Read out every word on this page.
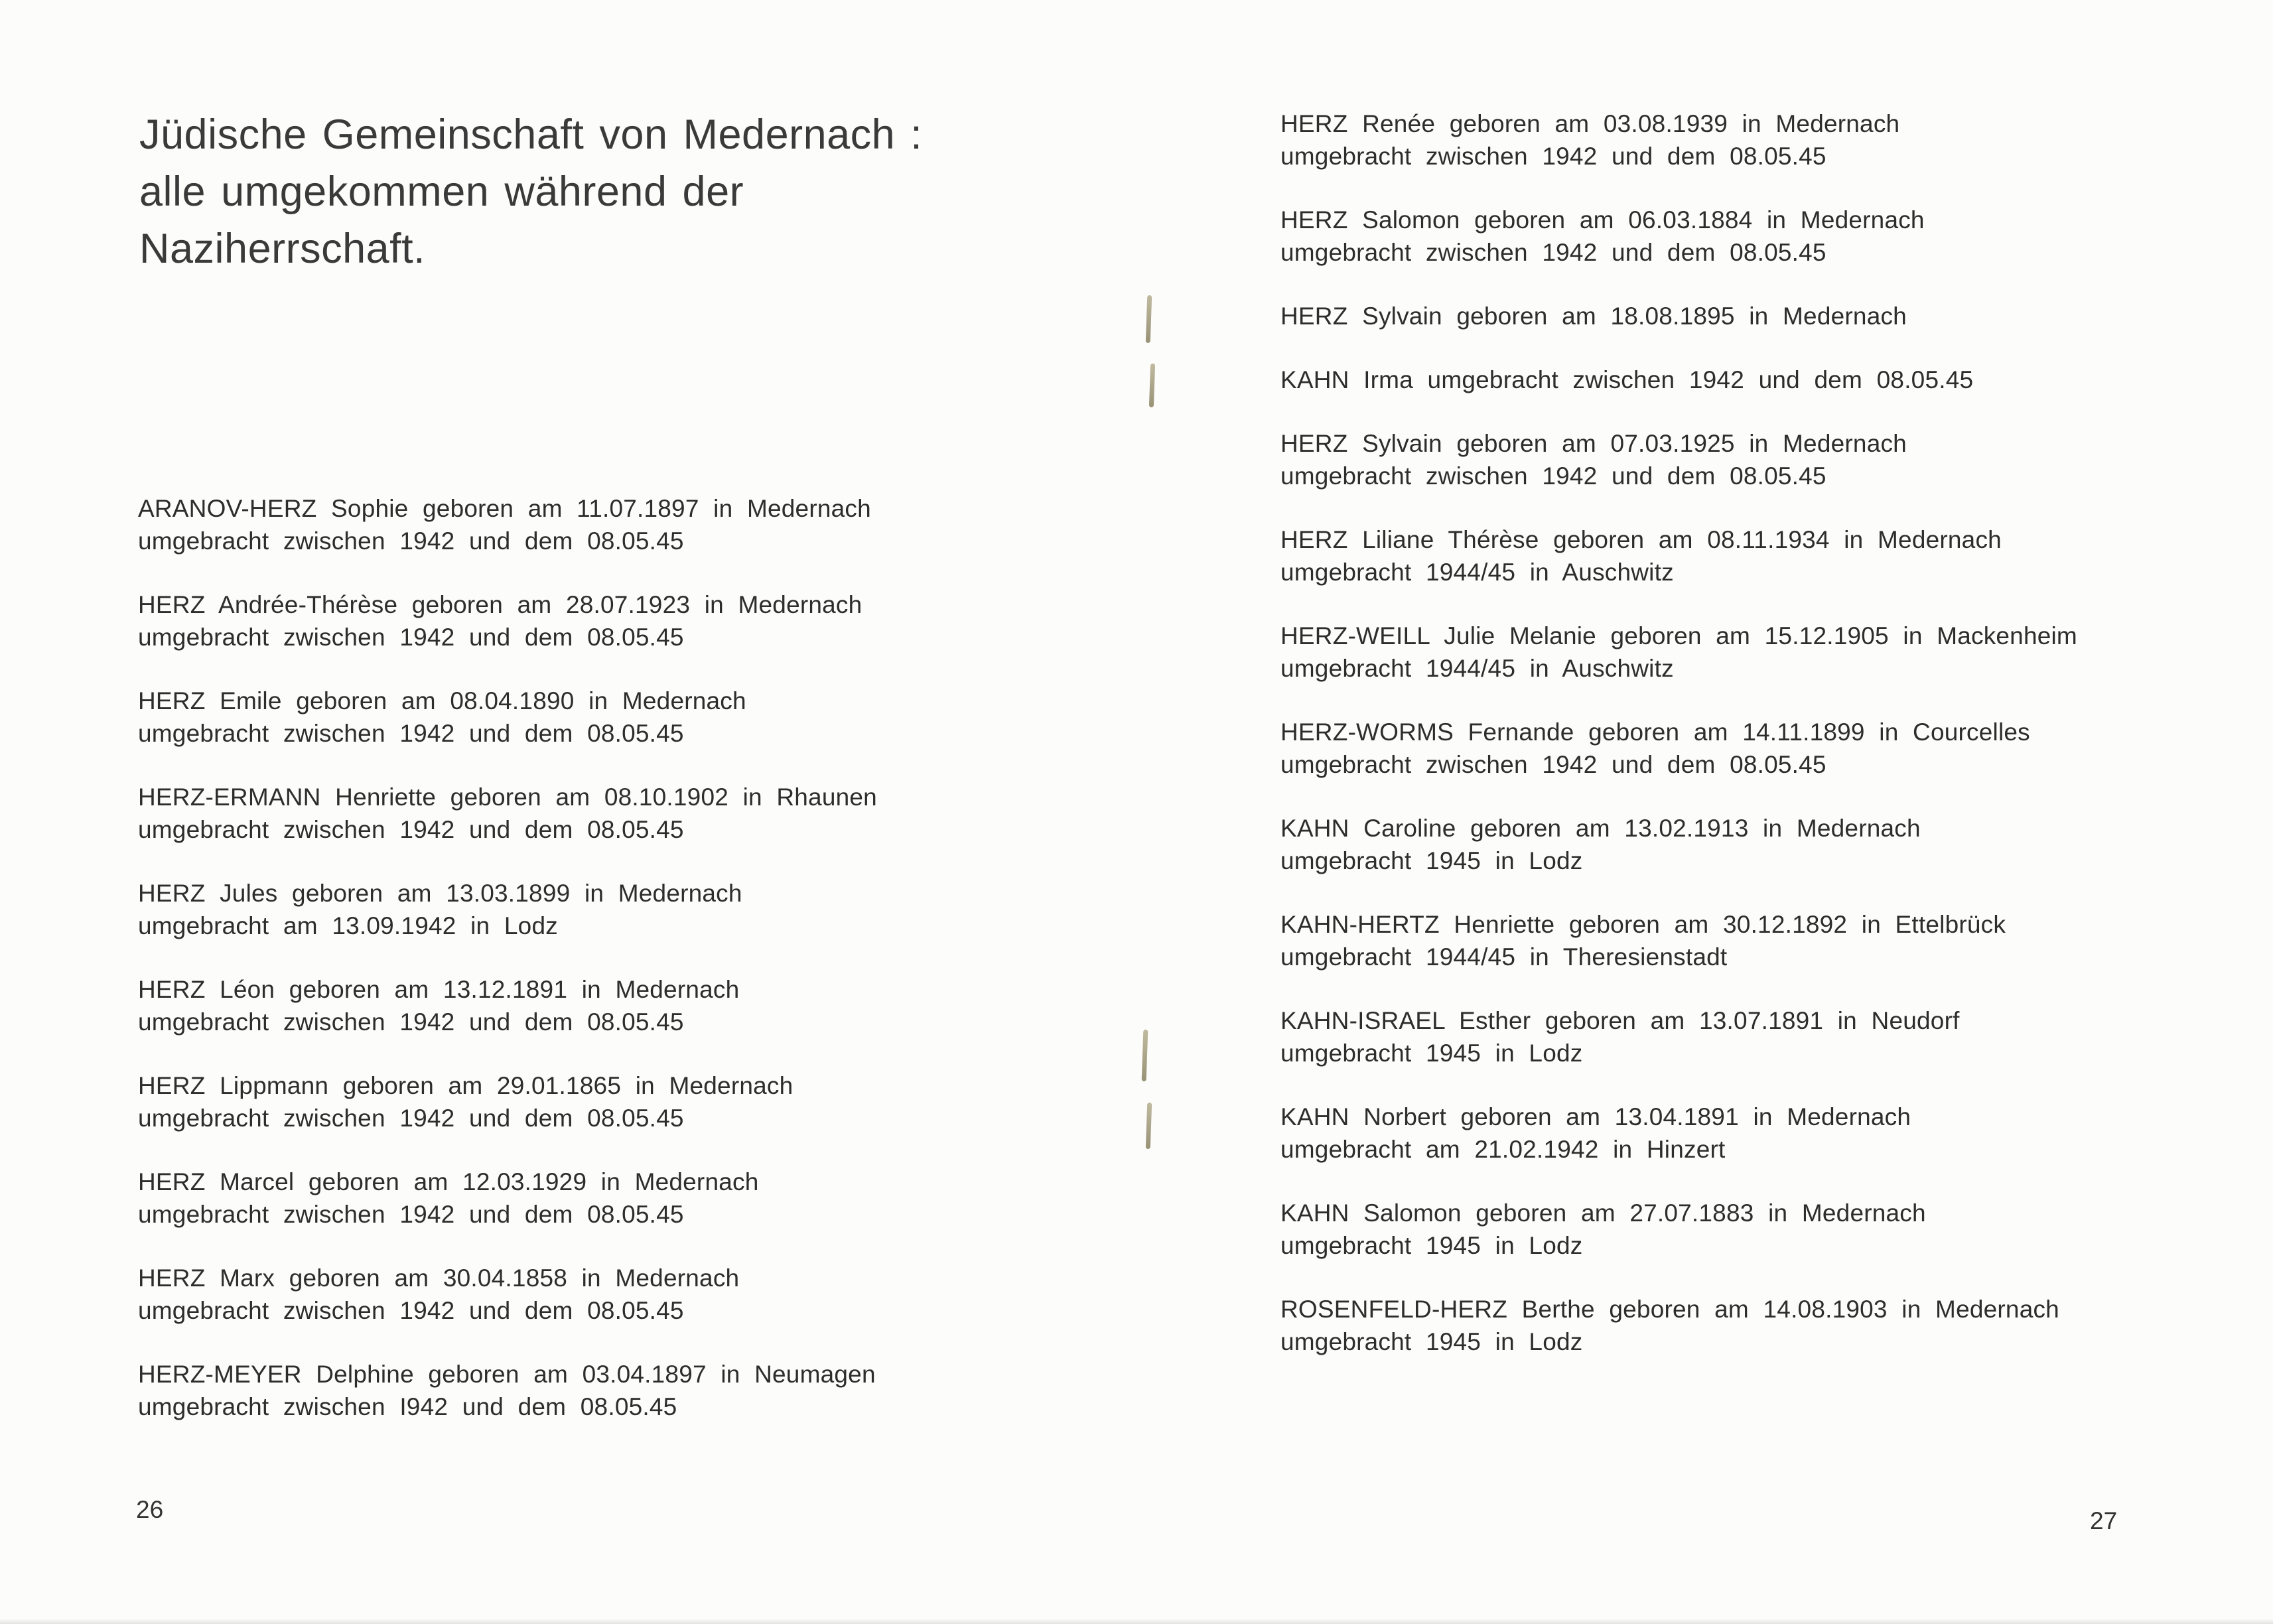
Jüdische Gemeinschaft von Medernach :
alle umgekommen während der
Naziherrschaft.
ARANOV-HERZ Sophie geboren am 11.07.1897 in Medernach
umgebracht zwischen 1942 und dem 08.05.45
HERZ Andrée-Thérèse geboren am 28.07.1923 in Medernach
umgebracht zwischen 1942 und dem 08.05.45
HERZ Emile geboren am 08.04.1890 in Medernach
umgebracht zwischen 1942 und dem 08.05.45
HERZ-ERMANN Henriette geboren am 08.10.1902 in Rhaunen
umgebracht zwischen 1942 und dem 08.05.45
HERZ Jules geboren am 13.03.1899 in Medernach
umgebracht am 13.09.1942 in Lodz
HERZ Léon geboren am 13.12.1891 in Medernach
umgebracht zwischen 1942 und dem 08.05.45
HERZ Lippmann geboren am 29.01.1865 in Medernach
umgebracht zwischen 1942 und dem 08.05.45
HERZ Marcel geboren am 12.03.1929 in Medernach
umgebracht zwischen 1942 und dem 08.05.45
HERZ Marx geboren am 30.04.1858 in Medernach
umgebracht zwischen 1942 und dem 08.05.45
HERZ-MEYER Delphine geboren am 03.04.1897 in Neumagen
umgebracht zwischen I942 und dem 08.05.45
HERZ Renée geboren am 03.08.1939 in Medernach
umgebracht zwischen 1942 und dem 08.05.45
HERZ Salomon geboren am 06.03.1884 in Medernach
umgebracht zwischen 1942 und dem 08.05.45
HERZ Sylvain geboren am 18.08.1895 in Medernach
KAHN Irma umgebracht zwischen 1942 und dem 08.05.45
HERZ Sylvain geboren am 07.03.1925 in Medernach
umgebracht zwischen 1942 und dem 08.05.45
HERZ Liliane Thérèse geboren am 08.11.1934 in Medernach
umgebracht 1944/45 in Auschwitz
HERZ-WEILL Julie Melanie geboren am 15.12.1905 in Mackenheim
umgebracht 1944/45 in Auschwitz
HERZ-WORMS Fernande geboren am 14.11.1899 in Courcelles
umgebracht zwischen 1942 und dem 08.05.45
KAHN Caroline geboren am 13.02.1913 in Medernach
umgebracht 1945 in Lodz
KAHN-HERTZ Henriette geboren am 30.12.1892 in Ettelbrück
umgebracht 1944/45 in Theresienstadt
KAHN-ISRAEL Esther geboren am 13.07.1891 in Neudorf
umgebracht 1945 in Lodz
KAHN Norbert geboren am 13.04.1891 in Medernach
umgebracht am 21.02.1942 in Hinzert
KAHN Salomon geboren am 27.07.1883 in Medernach
umgebracht 1945 in Lodz
ROSENFELD-HERZ Berthe geboren am 14.08.1903 in Medernach
umgebracht 1945 in Lodz
26	27
